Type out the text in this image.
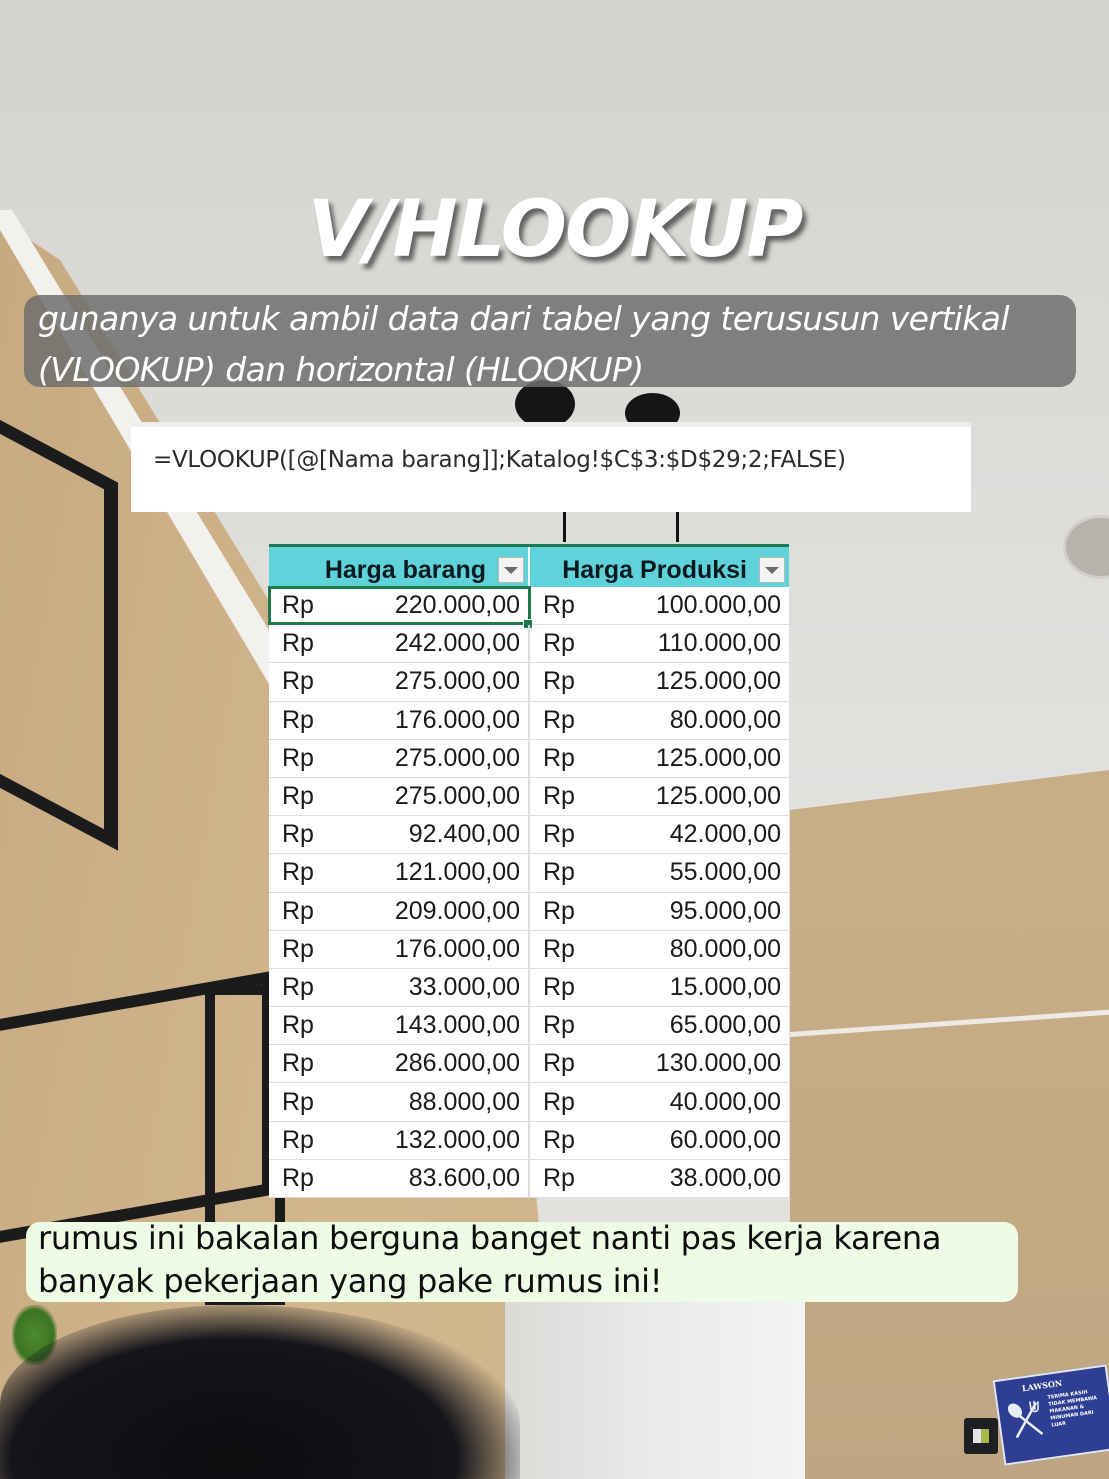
LAWSON
TERIMA KASIH TIDAK MEMBAWA MAKANAN & MINUMAN DARI LUAR
V/HLOOKUP
gunanya untuk ambil data dari tabel yang terususun vertikal
(VLOOKUP) dan horizontal (HLOOKUP)
=VLOOKUP([@[Nama barang]];Katalog!$C$3:$D$29;2;FALSE)
Harga barang	Harga Produksi
Rp	220.000,00 Rp	100.000,00
Rp	242.000,00 Rp	110.000,00
Rp	275.000,00 Rp	125.000,00
Rp	176.000,00 Rp	80.000,00
Rp	275.000,00 Rp	125.000,00
Rp	275.000,00 Rp	125.000,00
Rp	92.400,00 Rp	42.000,00
Rp	121.000,00 Rp	55.000,00
Rp	209.000,00 Rp	95.000,00
Rp	176.000,00 Rp	80.000,00
Rp	33.000,00 Rp	15.000,00
Rp	143.000,00 Rp	65.000,00
Rp	286.000,00 Rp	130.000,00
Rp	88.000,00 Rp	40.000,00
Rp	132.000,00 Rp	60.000,00
Rp	83.600,00 Rp	38.000,00
rumus ini bakalan berguna banget nanti pas kerja karena
banyak pekerjaan yang pake rumus ini!
